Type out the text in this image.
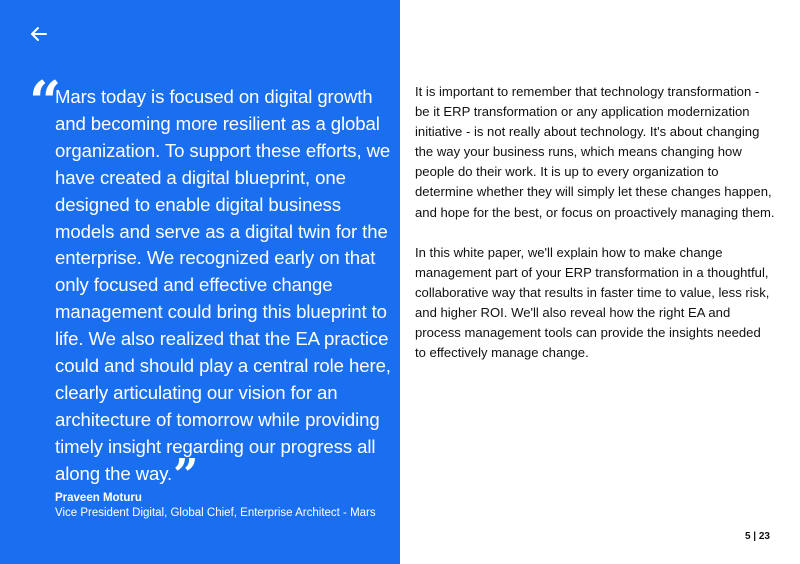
“
Mars today is focused on digital growth and becoming more resilient as a global organization. To support these efforts, we have created a digital blueprint, one designed to enable digital business models and serve as a digital twin for the enterprise. We recognized early on that only focused and effective change management could bring this blueprint to life. We also realized that the EA practice could and should play a central role here, clearly articulating our vision for an architecture of tomorrow while providing timely insight regarding our progress all along the way.”
Praveen Moturu
Vice President Digital, Global Chief, Enterprise Architect - Mars

It is important to remember that technology transformation - be it ERP transformation or any application modernization initiative - is not really about technology. It's about changing the way your business runs, which means changing how people do their work. It is up to every organization to determine whether they will simply let these changes happen, and hope for the best, or focus on proactively managing them.

In this white paper, we'll explain how to make change management part of your ERP transformation in a thoughtful, collaborative way that results in faster time to value, less risk, and higher ROI. We'll also reveal how the right EA and process management tools can provide the insights needed to effectively manage change.

5 | 23
